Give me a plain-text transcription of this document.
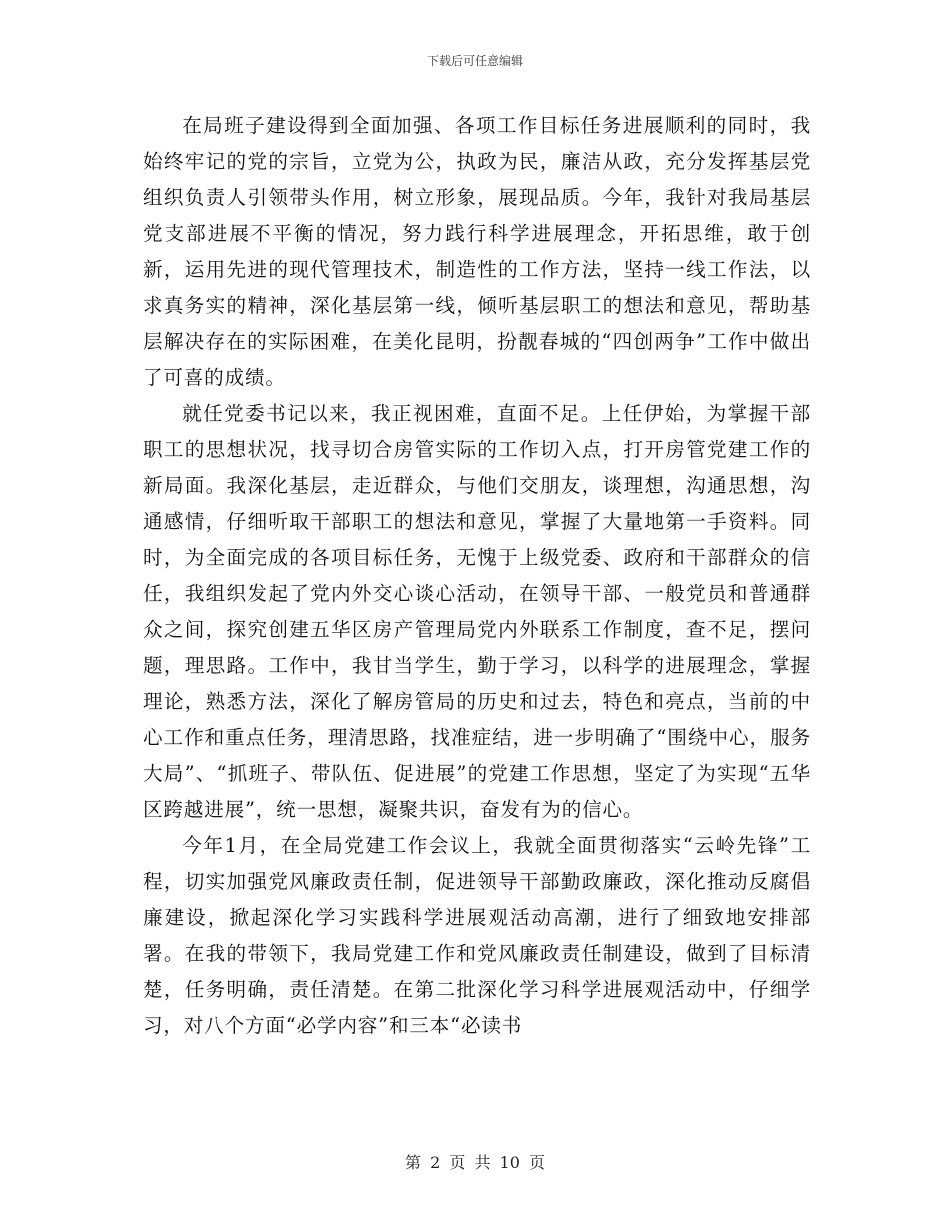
下载后可任意编辑

在局班子建设得到全面加强、各项工作目标任务进展顺利的同时，我始终牢记的党的宗旨，立党为公，执政为民，廉洁从政，充分发挥基层党组织负责人引领带头作用，树立形象，展现品质。今年，我针对我局基层党支部进展不平衡的情况，努力践行科学进展理念，开拓思维，敢于创新，运用先进的现代管理技术，制造性的工作方法，坚持一线工作法，以求真务实的精神，深化基层第一线，倾听基层职工的想法和意见，帮助基层解决存在的实际困难，在美化昆明，扮靓春城的“四创两争”工作中做出了可喜的成绩。

就任党委书记以来，我正视困难，直面不足。上任伊始，为掌握干部职工的思想状况，找寻切合房管实际的工作切入点，打开房管党建工作的新局面。我深化基层，走近群众，与他们交朋友，谈理想，沟通思想，沟通感情，仔细听取干部职工的想法和意见，掌握了大量地第一手资料。同时，为全面完成的各项目标任务，无愧于上级党委、政府和干部群众的信任，我组织发起了党内外交心谈心活动，在领导干部、一般党员和普通群众之间，探究创建五华区房产管理局党内外联系工作制度，查不足，摆问题，理思路。工作中，我甘当学生，勤于学习，以科学的进展理念，掌握理论，熟悉方法，深化了解房管局的历史和过去，特色和亮点，当前的中心工作和重点任务，理清思路，找准症结，进一步明确了“围绕中心，服务大局”、“抓班子、带队伍、促进展”的党建工作思想，坚定了为实现“五华区跨越进展”，统一思想，凝聚共识，奋发有为的信心。

今年1月，在全局党建工作会议上，我就全面贯彻落实“云岭先锋”工程，切实加强党风廉政责任制，促进领导干部勤政廉政，深化推动反腐倡廉建设，掀起深化学习实践科学进展观活动高潮，进行了细致地安排部署。在我的带领下，我局党建工作和党风廉政责任制建设，做到了目标清楚，任务明确，责任清楚。在第二批深化学习科学进展观活动中，仔细学习，对八个方面“必学内容”和三本“必读书

第 2 页 共 10 页
